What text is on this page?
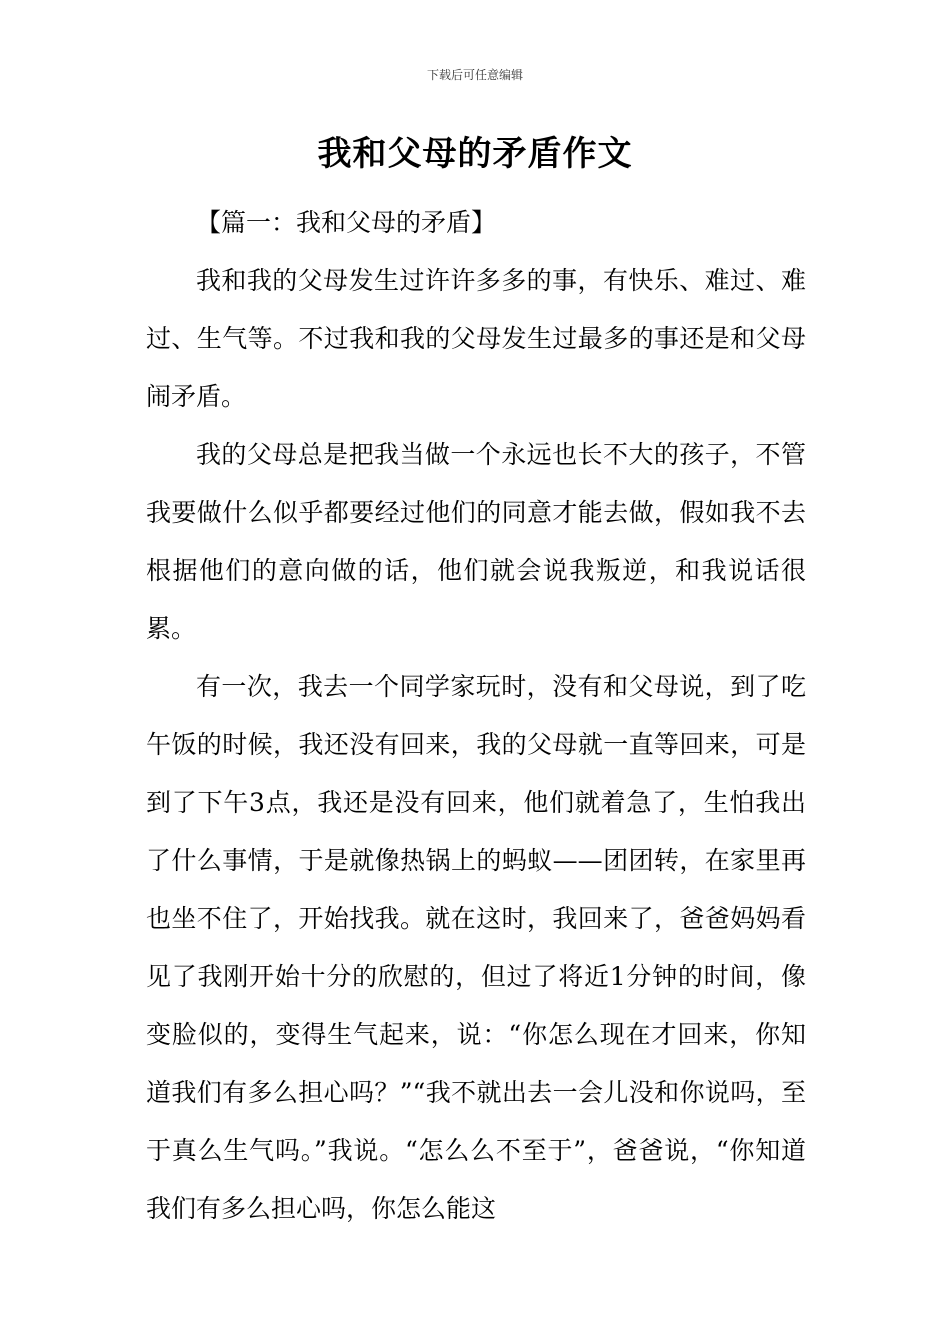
下载后可任意编辑
我和父母的矛盾作文

【篇一：我和父母的矛盾】

我和我的父母发生过许许多多的事，有快乐、难过、难过、生气等。不过我和我的父母发生过最多的事还是和父母闹矛盾。

我的父母总是把我当做一个永远也长不大的孩子，不管我要做什么似乎都要经过他们的同意才能去做，假如我不去根据他们的意向做的话，他们就会说我叛逆，和我说话很累。

有一次，我去一个同学家玩时，没有和父母说，到了吃午饭的时候，我还没有回来，我的父母就一直等回来，可是到了下午3点，我还是没有回来，他们就着急了，生怕我出了什么事情，于是就像热锅上的蚂蚁——团团转，在家里再也坐不住了，开始找我。就在这时，我回来了，爸爸妈妈看见了我刚开始十分的欣慰的，但过了将近1分钟的时间，像变脸似的，变得生气起来，说：“你怎么现在才回来，你知道我们有多么担心吗？”“我不就出去一会儿没和你说吗，至于真么生气吗。”我说。“怎么么不至于”，爸爸说，“你知道我们有多么担心吗，你怎么能这
